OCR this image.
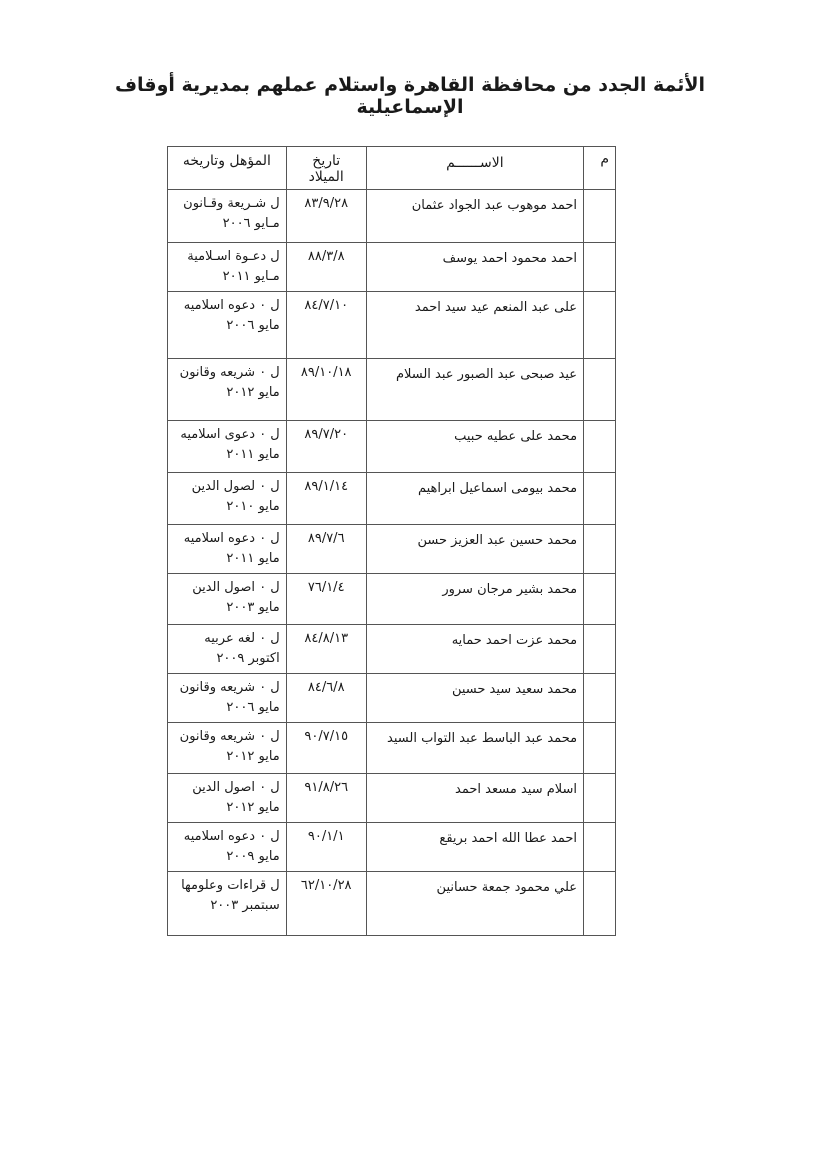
الأئمة الجدد من محافظة القاهرة واستلام عملهم بمديرية أوقاف الإسماعيلية
م	الاســــــم	تاريخ الميلاد	المؤهل وتاريخه
	احمد موهوب عبد الجواد عثمان	٨٣/٩/٢٨	ل شـريعة وقـانون مـايو ٢٠٠٦
	احمد محمود احمد يوسف	٨٨/٣/٨	ل دعـوة اسـلامية مـايو ٢٠١١
	على عبد المنعم عيد سيد احمد	٨٤/٧/١٠	ل ٠ دعوه اسلاميه مايو ٢٠٠٦
	عيد صبحى عبد الصبور عبد السلام	٨٩/١٠/١٨	ل ٠ شريعه وقانون مايو ٢٠١٢
	محمد على عطيه حبيب	٨٩/٧/٢٠	ل ٠ دعوى اسلاميه مايو ٢٠١١
	محمد بيومى اسماعيل ابراهيم	٨٩/١/١٤	ل ٠ لصول الدين مايو ٢٠١٠
	محمد حسين عبد العزيز حسن	٨٩/٧/٦	ل ٠ دعوه اسلاميه مايو ٢٠١١
	محمد بشير مرجان سرور	٧٦/١/٤	ل ٠ اصول الدين مايو ٢٠٠٣
	محمد عزت احمد حمايه	٨٤/٨/١٣	ل ٠ لغه عربيه اكتوبر ٢٠٠٩
	محمد سعيد سيد حسين	٨٤/٦/٨	ل ٠ شريعه وقانون مايو ٢٠٠٦
	محمد عبد الباسط عبد التواب السيد	٩٠/٧/١٥	ل ٠ شريعه وقانون مايو ٢٠١٢
	اسلام سيد مسعد احمد	٩١/٨/٢٦	ل ٠ اصول الدين مايو ٢٠١٢
	احمد عطا الله احمد بريقع	٩٠/١/١	ل ٠ دعوه اسلاميه مايو ٢٠٠٩
	علي محمود جمعة حسانين	٦٢/١٠/٢٨	ل قراءات وعلومها سبتمبر ٢٠٠٣
